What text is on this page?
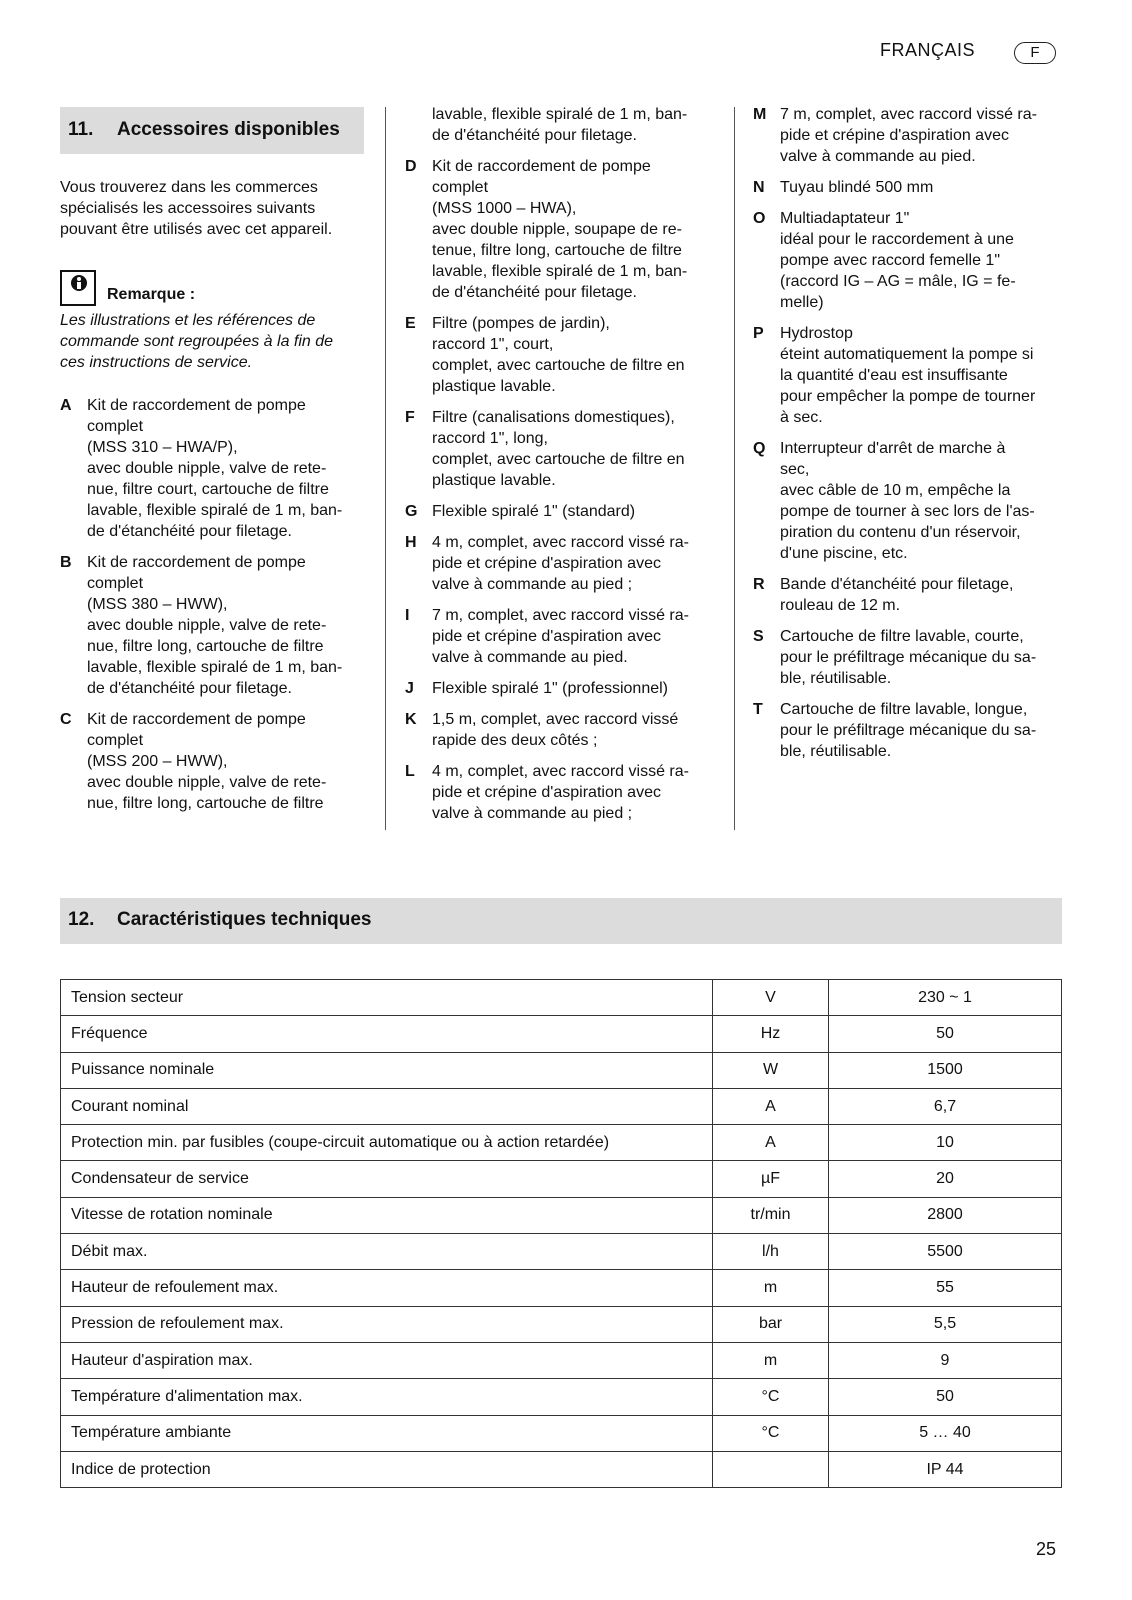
FRANÇAIS	F
11. Accessoires disponibles

Vous trouverez dans les commerces spécialisés les accessoires suivants pouvant être utilisés avec cet appareil.

Remarque :

Les illustrations et les références de commande sont regroupées à la fin de ces instructions de service.

A Kit de raccordement de pompe
complet
(MSS 310 – HWA/P),
avec double nipple, valve de rete-
nue, filtre court, cartouche de filtre
lavable, flexible spiralé de 1 m, ban-
de d'étanchéité pour filetage.
B Kit de raccordement de pompe
complet
(MSS 380 – HWW),
avec double nipple, valve de rete-
nue, filtre long, cartouche de filtre
lavable, flexible spiralé de 1 m, ban-
de d'étanchéité pour filetage.
C Kit de raccordement de pompe
complet
(MSS 200 – HWW),
avec double nipple, valve de rete-
nue, filtre long, cartouche de filtre
lavable, flexible spiralé de 1 m, ban-
de d'étanchéité pour filetage.
D Kit de raccordement de pompe
complet
(MSS 1000 – HWA),
avec double nipple, soupape de re-
tenue, filtre long, cartouche de filtre
lavable, flexible spiralé de 1 m, ban-
de d'étanchéité pour filetage.
E Filtre (pompes de jardin),
raccord 1", court,
complet, avec cartouche de filtre en
plastique lavable.
F Filtre (canalisations domestiques),
raccord 1", long,
complet, avec cartouche de filtre en
plastique lavable.
G Flexible spiralé 1" (standard)
H 4 m, complet, avec raccord vissé ra-
pide et crépine d'aspiration avec
valve à commande au pied ;
I 7 m, complet, avec raccord vissé ra-
pide et crépine d'aspiration avec
valve à commande au pied.
J Flexible spiralé 1" (professionnel)
K 1,5 m, complet, avec raccord vissé
rapide des deux côtés ;
L 4 m, complet, avec raccord vissé ra-
pide et crépine d'aspiration avec
valve à commande au pied ;
M 7 m, complet, avec raccord vissé ra-
pide et crépine d'aspiration avec
valve à commande au pied.
N Tuyau blindé 500 mm
O Multiadaptateur 1"
idéal pour le raccordement à une
pompe avec raccord femelle 1"
(raccord IG – AG = mâle, IG = fe-
melle)
P Hydrostop
éteint automatiquement la pompe si
la quantité d'eau est insuffisante
pour empêcher la pompe de tourner
à sec.
Q Interrupteur d'arrêt de marche à
sec,
avec câble de 10 m, empêche la
pompe de tourner à sec lors de l'as-
piration du contenu d'un réservoir,
d'une piscine, etc.
R Bande d'étanchéité pour filetage,
rouleau de 12 m.
S Cartouche de filtre lavable, courte,
pour le préfiltrage mécanique du sa-
ble, réutilisable.
T Cartouche de filtre lavable, longue,
pour le préfiltrage mécanique du sa-
ble, réutilisable.
12. Caractéristiques techniques
Tension secteur	V	230 ~ 1
Fréquence	Hz	50
Puissance nominale	W	1500
Courant nominal	A	6,7
Protection min. par fusibles (coupe-circuit automatique ou à action retardée)	A	10
Condensateur de service	µF	20
Vitesse de rotation nominale	tr/min	2800
Débit max.	l/h	5500
Hauteur de refoulement max.	m	55
Pression de refoulement max.	bar	5,5
Hauteur d'aspiration max.	m	9
Température d'alimentation max.	°C	50
Température ambiante	°C	5 … 40
Indice de protection		IP 44
25
